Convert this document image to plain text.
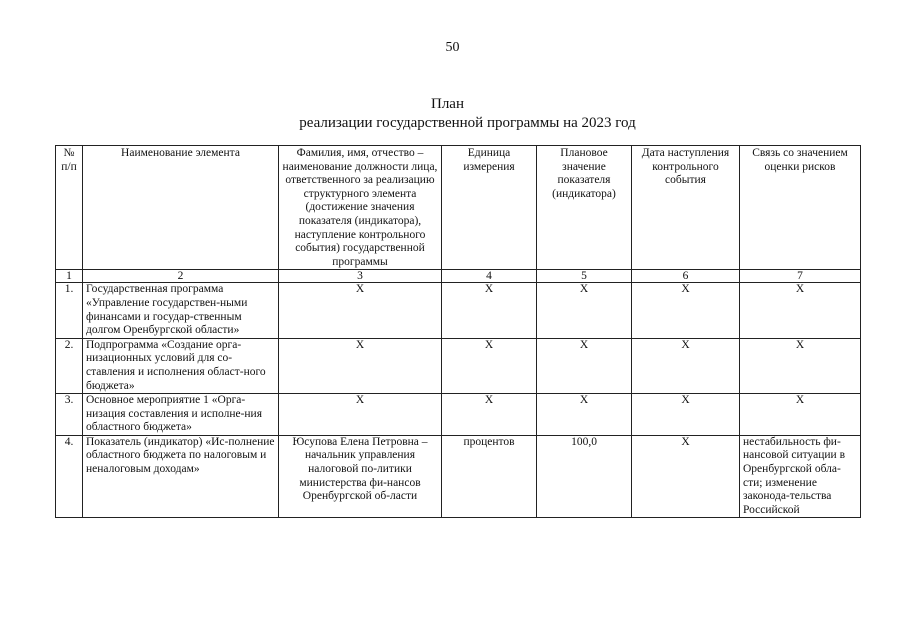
50
План
реализации государственной программы на 2023 год
№ п/п	Наименование элемента	Фамилия, имя, отчество – наименование должности лица, ответственного за реализацию структурного элемента (достижение значения показателя (индикатора), наступление контрольного события) государственной программы	Единица измерения	Плановое значение показателя (индикатора)	Дата наступления контрольного события	Связь со значением оценки рисков
1	2	3	4	5	6	7
1.	Государственная программа «Управление государствен-ными финансами и государ-ственным долгом Оренбургской области»	X	X	X	X	X
2.	Подпрограмма «Создание орга-низационных условий для со-ставления и исполнения област-ного бюджета»	X	X	X	X	X
3.	Основное мероприятие 1 «Орга-низация составления и исполне-ния областного бюджета»	X	X	X	X	X
4.	Показатель (индикатор) «Ис-полнение областного бюджета по налоговым и неналоговым доходам»	Юсупова Елена Петровна – начальник управления налоговой по-литики министерства фи-нансов Оренбургской об-ласти	процентов	100,0	X	нестабильность фи-нансовой ситуации в Оренбургской обла-сти; изменение законода-тельства Российской
